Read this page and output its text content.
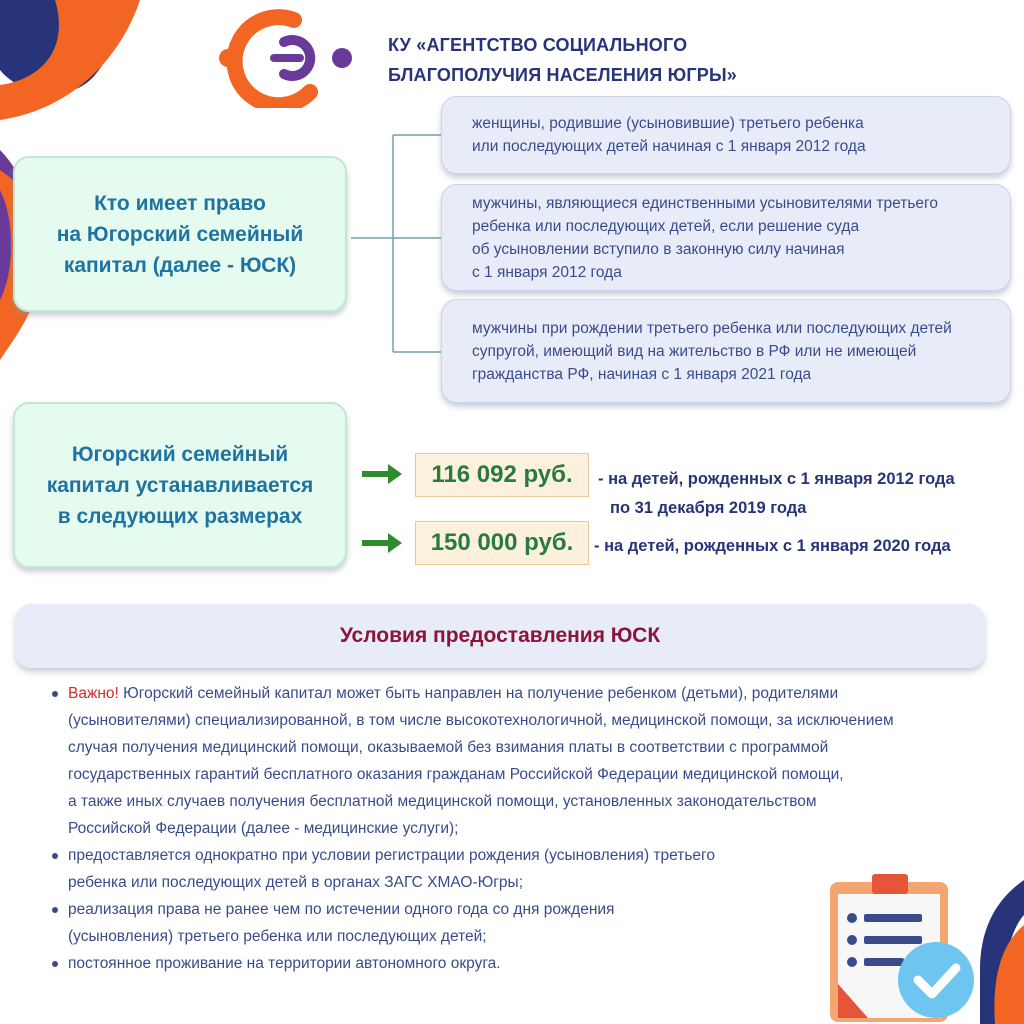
КУ «АГЕНТСТВО СОЦИАЛЬНОГО
БЛАГОПОЛУЧИЯ НАСЕЛЕНИЯ ЮГРЫ»
Кто имеет право
на Югорский семейный
капитал (далее - ЮСК)
женщины, родившие (усыновившие) третьего ребенка
или последующих детей начиная с 1 января 2012 года
мужчины, являющиеся единственными усыновителями третьего
ребенка или последующих детей, если решение суда
об усыновлении вступило в законную силу начиная
с 1 января 2012 года
мужчины при рождении третьего ребенка или последующих детей
супругой, имеющий вид на жительство в РФ или не имеющей
гражданства РФ, начиная с 1 января 2021 года
Югорский семейный
капитал устанавливается
в следующих размерах
116 092 руб.	- на детей, рожденных с 1 января 2012 года
по 31 декабря 2019 года
150 000 руб.	- на детей, рожденных с 1 января 2020 года
Условия предоставления ЮСК
Важно! Югорский семейный капитал может быть направлен на получение ребенком (детьми), родителями
(усыновителями) специализированной, в том числе высокотехнологичной, медицинской помощи, за исключением
случая получения медицинский помощи, оказываемой без взимания платы в соответствии с программой
государственных гарантий бесплатного оказания гражданам Российской Федерации медицинской помощи,
а также иных случаев получения бесплатной медицинской помощи, установленных законодательством
Российской Федерации (далее - медицинские услуги);
предоставляется однократно при условии регистрации рождения (усыновления) третьего
ребенка или последующих детей в органах ЗАГС ХМАО-Югры;
реализация права не ранее чем по истечении одного года со дня рождения
(усыновления) третьего ребенка или последующих детей;
постоянное проживание на территории автономного округа.
